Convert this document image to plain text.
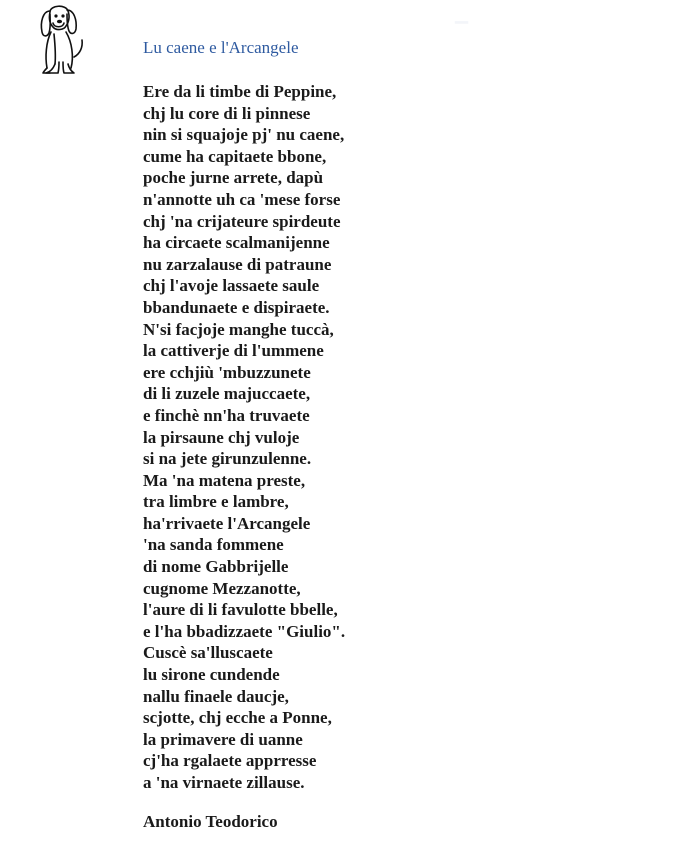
▔
Lu caene e l'Arcangele
Ere da li timbe di Peppine,
chj lu core di li pinnese
nin si squajoje pj' nu caene,
cume ha capitaete bbone,
poche jurne arrete, dapù
n'annotte uh ca 'mese forse
chj 'na crijateure spirdeute
ha circaete scalmanijenne
nu zarzalause di patraune
chj l'avoje lassaete saule
bbandunaete e dispiraete.
N'si facjoje manghe tuccà,
la cattiverje di l'ummene
ere cchjiù 'mbuzzunete
di li zuzele majuccaete,
e finchè nn'ha truvaete
la pirsaune chj vuloje
si na jete girunzulenne.
Ma 'na matena preste,
tra limbre e lambre,
ha'rrivaete l'Arcangele
'na sanda fommene
di nome Gabbrijelle
cugnome Mezzanotte,
l'aure di li favulotte bbelle,
e l'ha bbadizzaete "Giulio".
Cuscè sa'lluscaete
lu sirone cundende
nallu finaele daucje,
scjotte, chj ecche a Ponne,
la primavere di uanne
cj'ha rgalaete apprresse
a 'na virnaete zillause.
Antonio Teodorico
